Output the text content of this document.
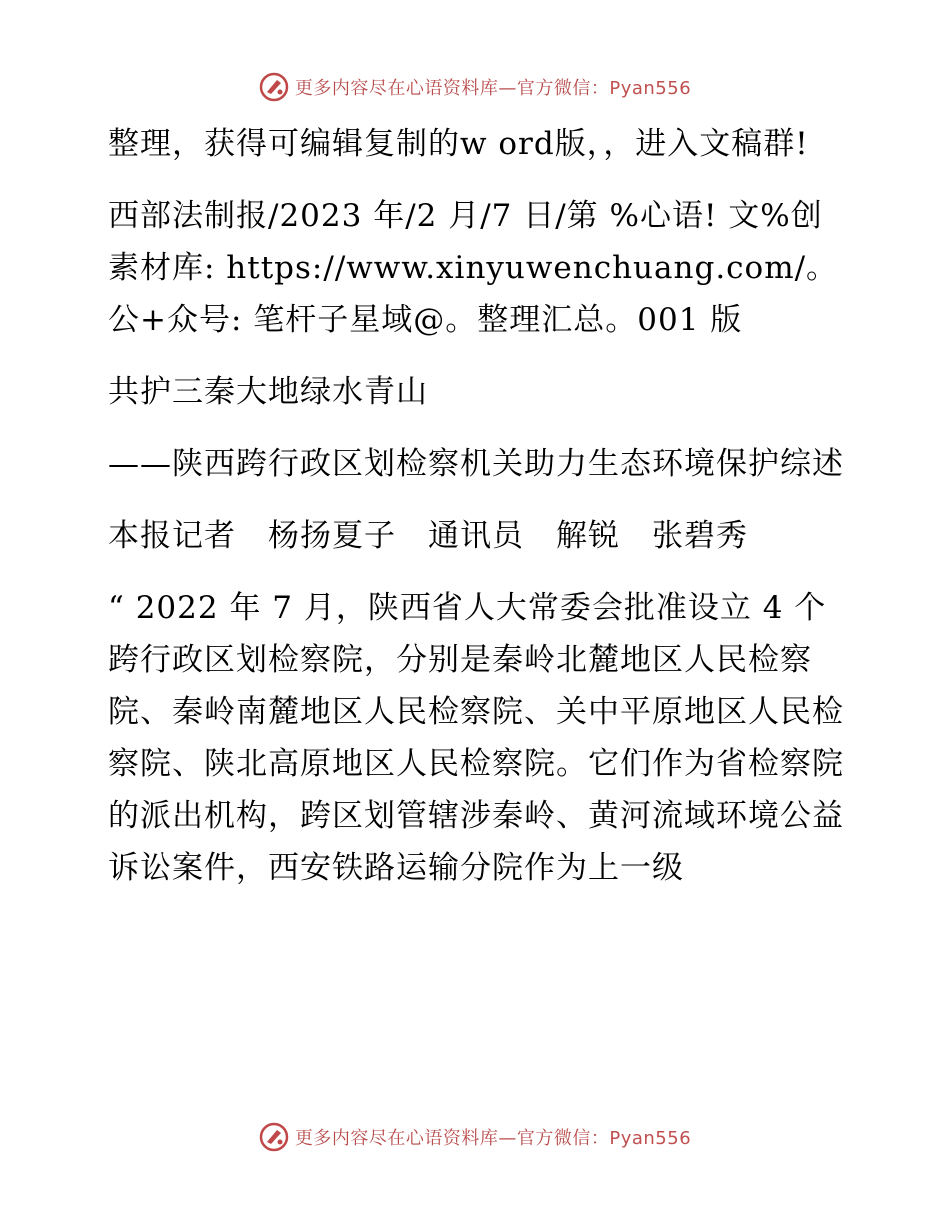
更多内容尽在心语资料库—官方微信：Pyan556

整理，获得可编辑复制的w ord版，，进入文稿群!

西部法制报/2023 年/2 月/7 日/第 %心语! 文%创素材库: https://www.xinyuwenchuang.com/。公+众号: 笔杆子星域@。整理汇总。001 版

共护三秦大地绿水青山

——陕西跨行政区划检察机关助力生态环境保护综述

本报记者　杨扬夏子　通讯员　解锐　张碧秀

“ 2022 年 7 月，陕西省人大常委会批准设立 4 个跨行政区划检察院，分别是秦岭北麓地区人民检察院、秦岭南麓地区人民检察院、关中平原地区人民检察院、陕北高原地区人民检察院。它们作为省检察院的派出机构，跨区划管辖涉秦岭、黄河流域环境公益诉讼案件，西安铁路运输分院作为上一级

更多内容尽在心语资料库—官方微信：Pyan556
